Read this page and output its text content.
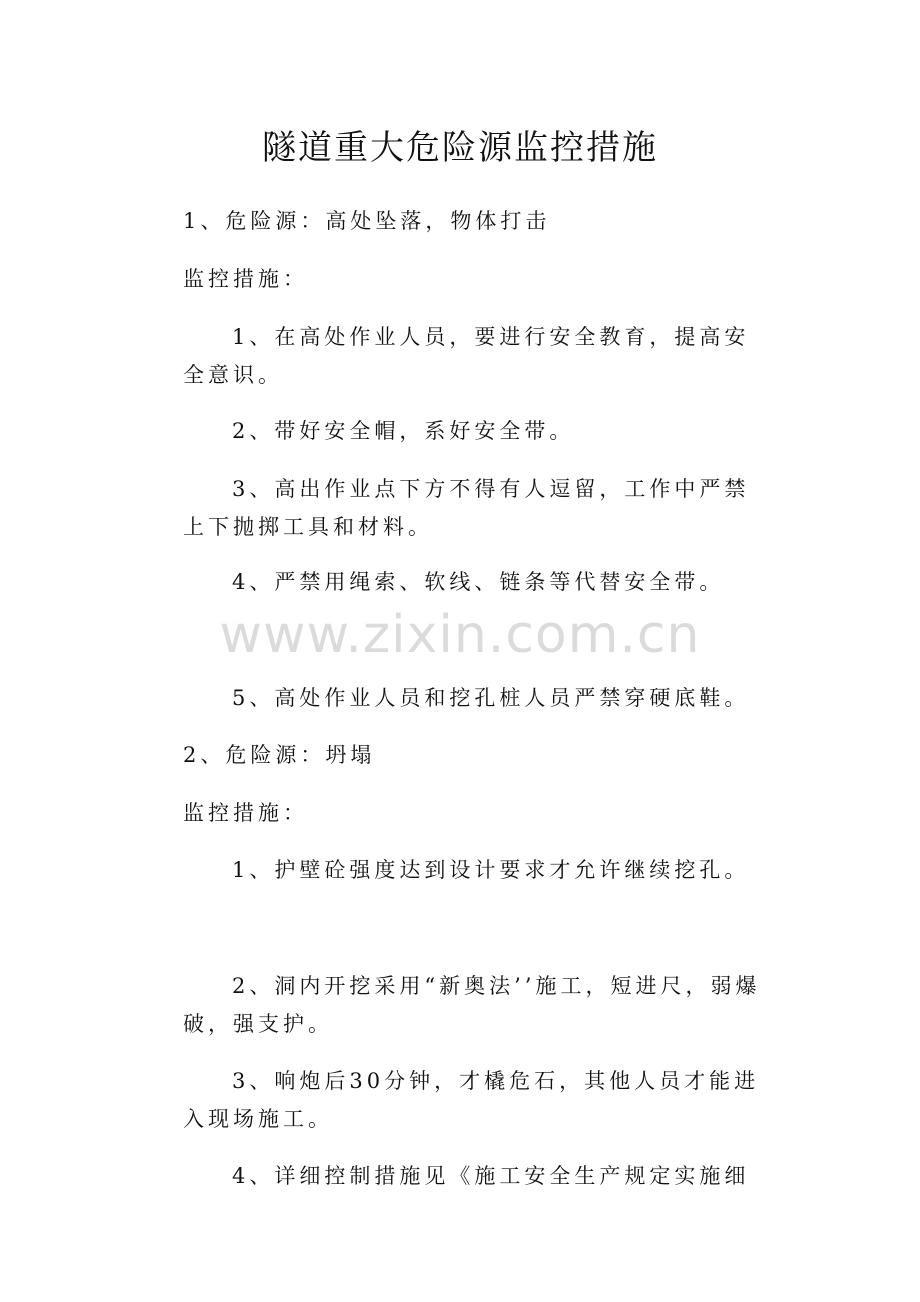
隧道重大危险源监控措施
1、危险源：高处坠落，物体打击
监控措施：
1、在高处作业人员，要进行安全教育，提高安全意识。
2、带好安全帽，系好安全带。
3、高出作业点下方不得有人逗留，工作中严禁上下抛掷工具和材料。
4、严禁用绳索、软线、链条等代替安全带。
www.zixin.com.cn
5、高处作业人员和挖孔桩人员严禁穿硬底鞋。
2、危险源：坍塌
监控措施：
1、护壁砼强度达到设计要求才允许继续挖孔。
2、洞内开挖采用“新奥法’’施工，短进尺，弱爆破，强支护。
3、响炮后30分钟，才橇危石，其他人员才能进入现场施工。
4、详细控制措施见《施工安全生产规定实施细
